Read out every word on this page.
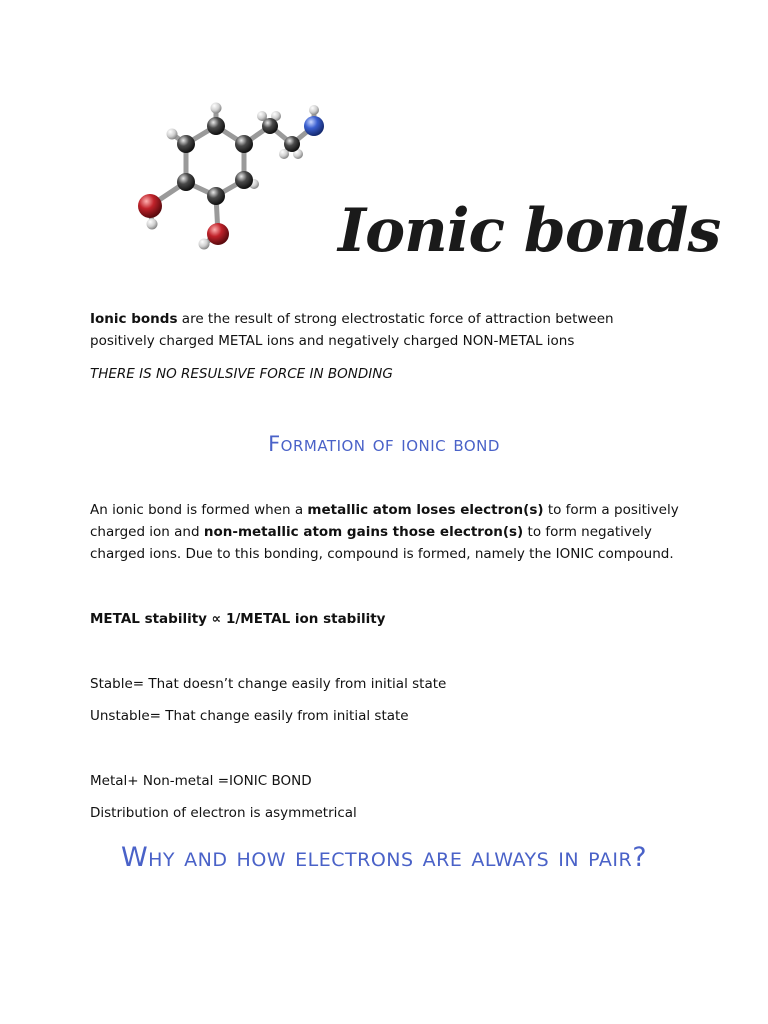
Ionic bonds

Ionic bonds are the result of strong electrostatic force of attraction between positively charged METAL ions and negatively charged NON-METAL ions

THERE IS NO RESULSIVE FORCE IN BONDING

Formation of ionic bond

An ionic bond is formed when a metallic atom loses electron(s) to form a positively charged ion and non-metallic atom gains those electron(s) to form negatively charged ions. Due to this bonding, compound is formed, namely the IONIC compound.

METAL stability ∝ 1/METAL ion stability

Stable= That doesn’t change easily from initial state

Unstable= That change easily from initial state

Metal+ Non-metal =IONIC BOND

Distribution of electron is asymmetrical

Why and how electrons are always in pair?
